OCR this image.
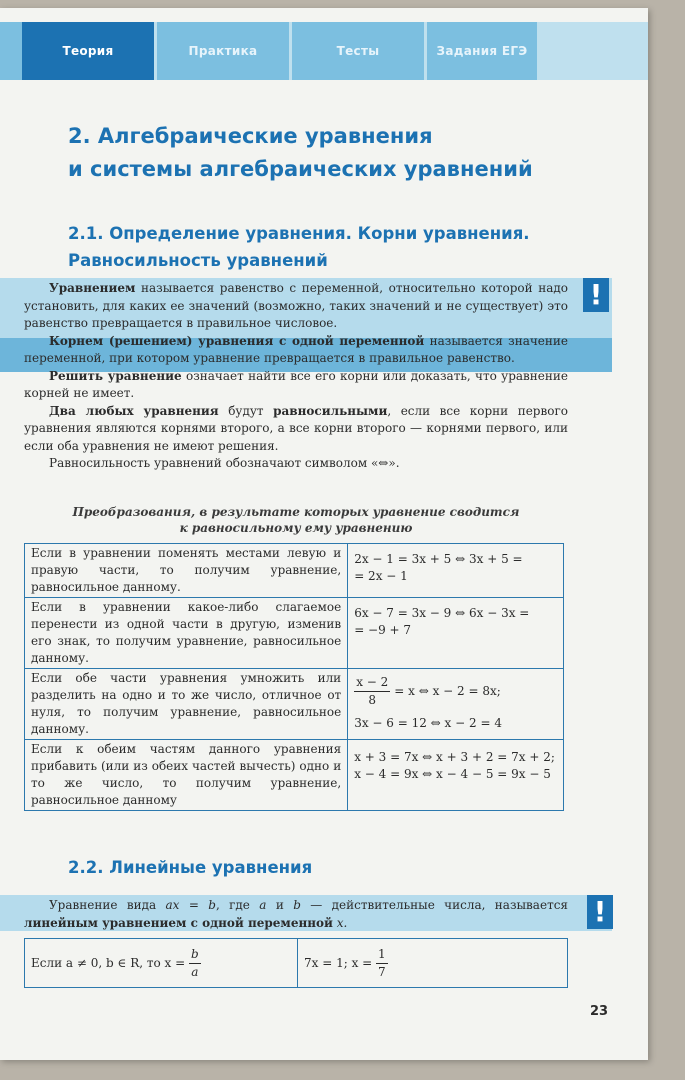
Теория	Практика	Тесты	Задания ЕГЭ
2. Алгебраические уравнения
и системы алгебраических уравнений
2.1. Определение уравнения. Корни уравнения.
Равносильность уравнений
!

Уравнением называется равенство с переменной, относительно которой надо установить, для каких ее значений (возможно, таких значений и не существует) это равенство превращается в правильное числовое.

Корнем (решением) уравнения с одной переменной называется значение переменной, при котором уравнение превращается в правильное равенство.

Решить уравнение означает найти все его корни или доказать, что уравнение корней не имеет.

Два любых уравнения будут равносильными, если все корни первого уравнения являются корнями второго, а все корни второго — корнями первого, или если оба уравнения не имеют решения.

Равносильность уравнений обозначают символом «⇔».

Преобразования, в результате которых уравнение сводится
к равносильному ему уравнению
Если в уравнении поменять местами левую и правую части, то получим уравнение, равносильное данному.	2x − 1 = 3x + 5 ⇔ 3x + 5 =
= 2x − 1
Если в уравнении какое-либо слагаемое перенести из одной части в другую, изменив его знак, то получим уравнение, равносильное данному.	6x − 7 = 3x − 9 ⇔ 6x − 3x =
= −9 + 7
Если обе части уравнения умножить или разделить на одно и то же число, отличное от нуля, то получим уравнение, равносильное данному.	$\frac{x - 2}{8} = x$ ⇔ x − 2 = 8x;
3x − 6 = 12 ⇔ x − 2 = 4

Если к обеим частям данного уравнения прибавить (или из обеих частей вычесть) одно и то же число, то получим уравнение, равносильное данному	x + 3 = 7x ⇔ x + 3 + 2 = 7x + 2;
x − 4 = 9x ⇔ x − 4 − 5 = 9x − 5
2.2. Линейные уравнения
!

Уравнение вида ax = b, где a и b — действительные числа, называется линейным уравнением с одной переменной x.

Если a ≠ 0, b ∈ R, то $x = \frac{b}{a}$	7x = 1; $x = \frac{1}{7}$
23
